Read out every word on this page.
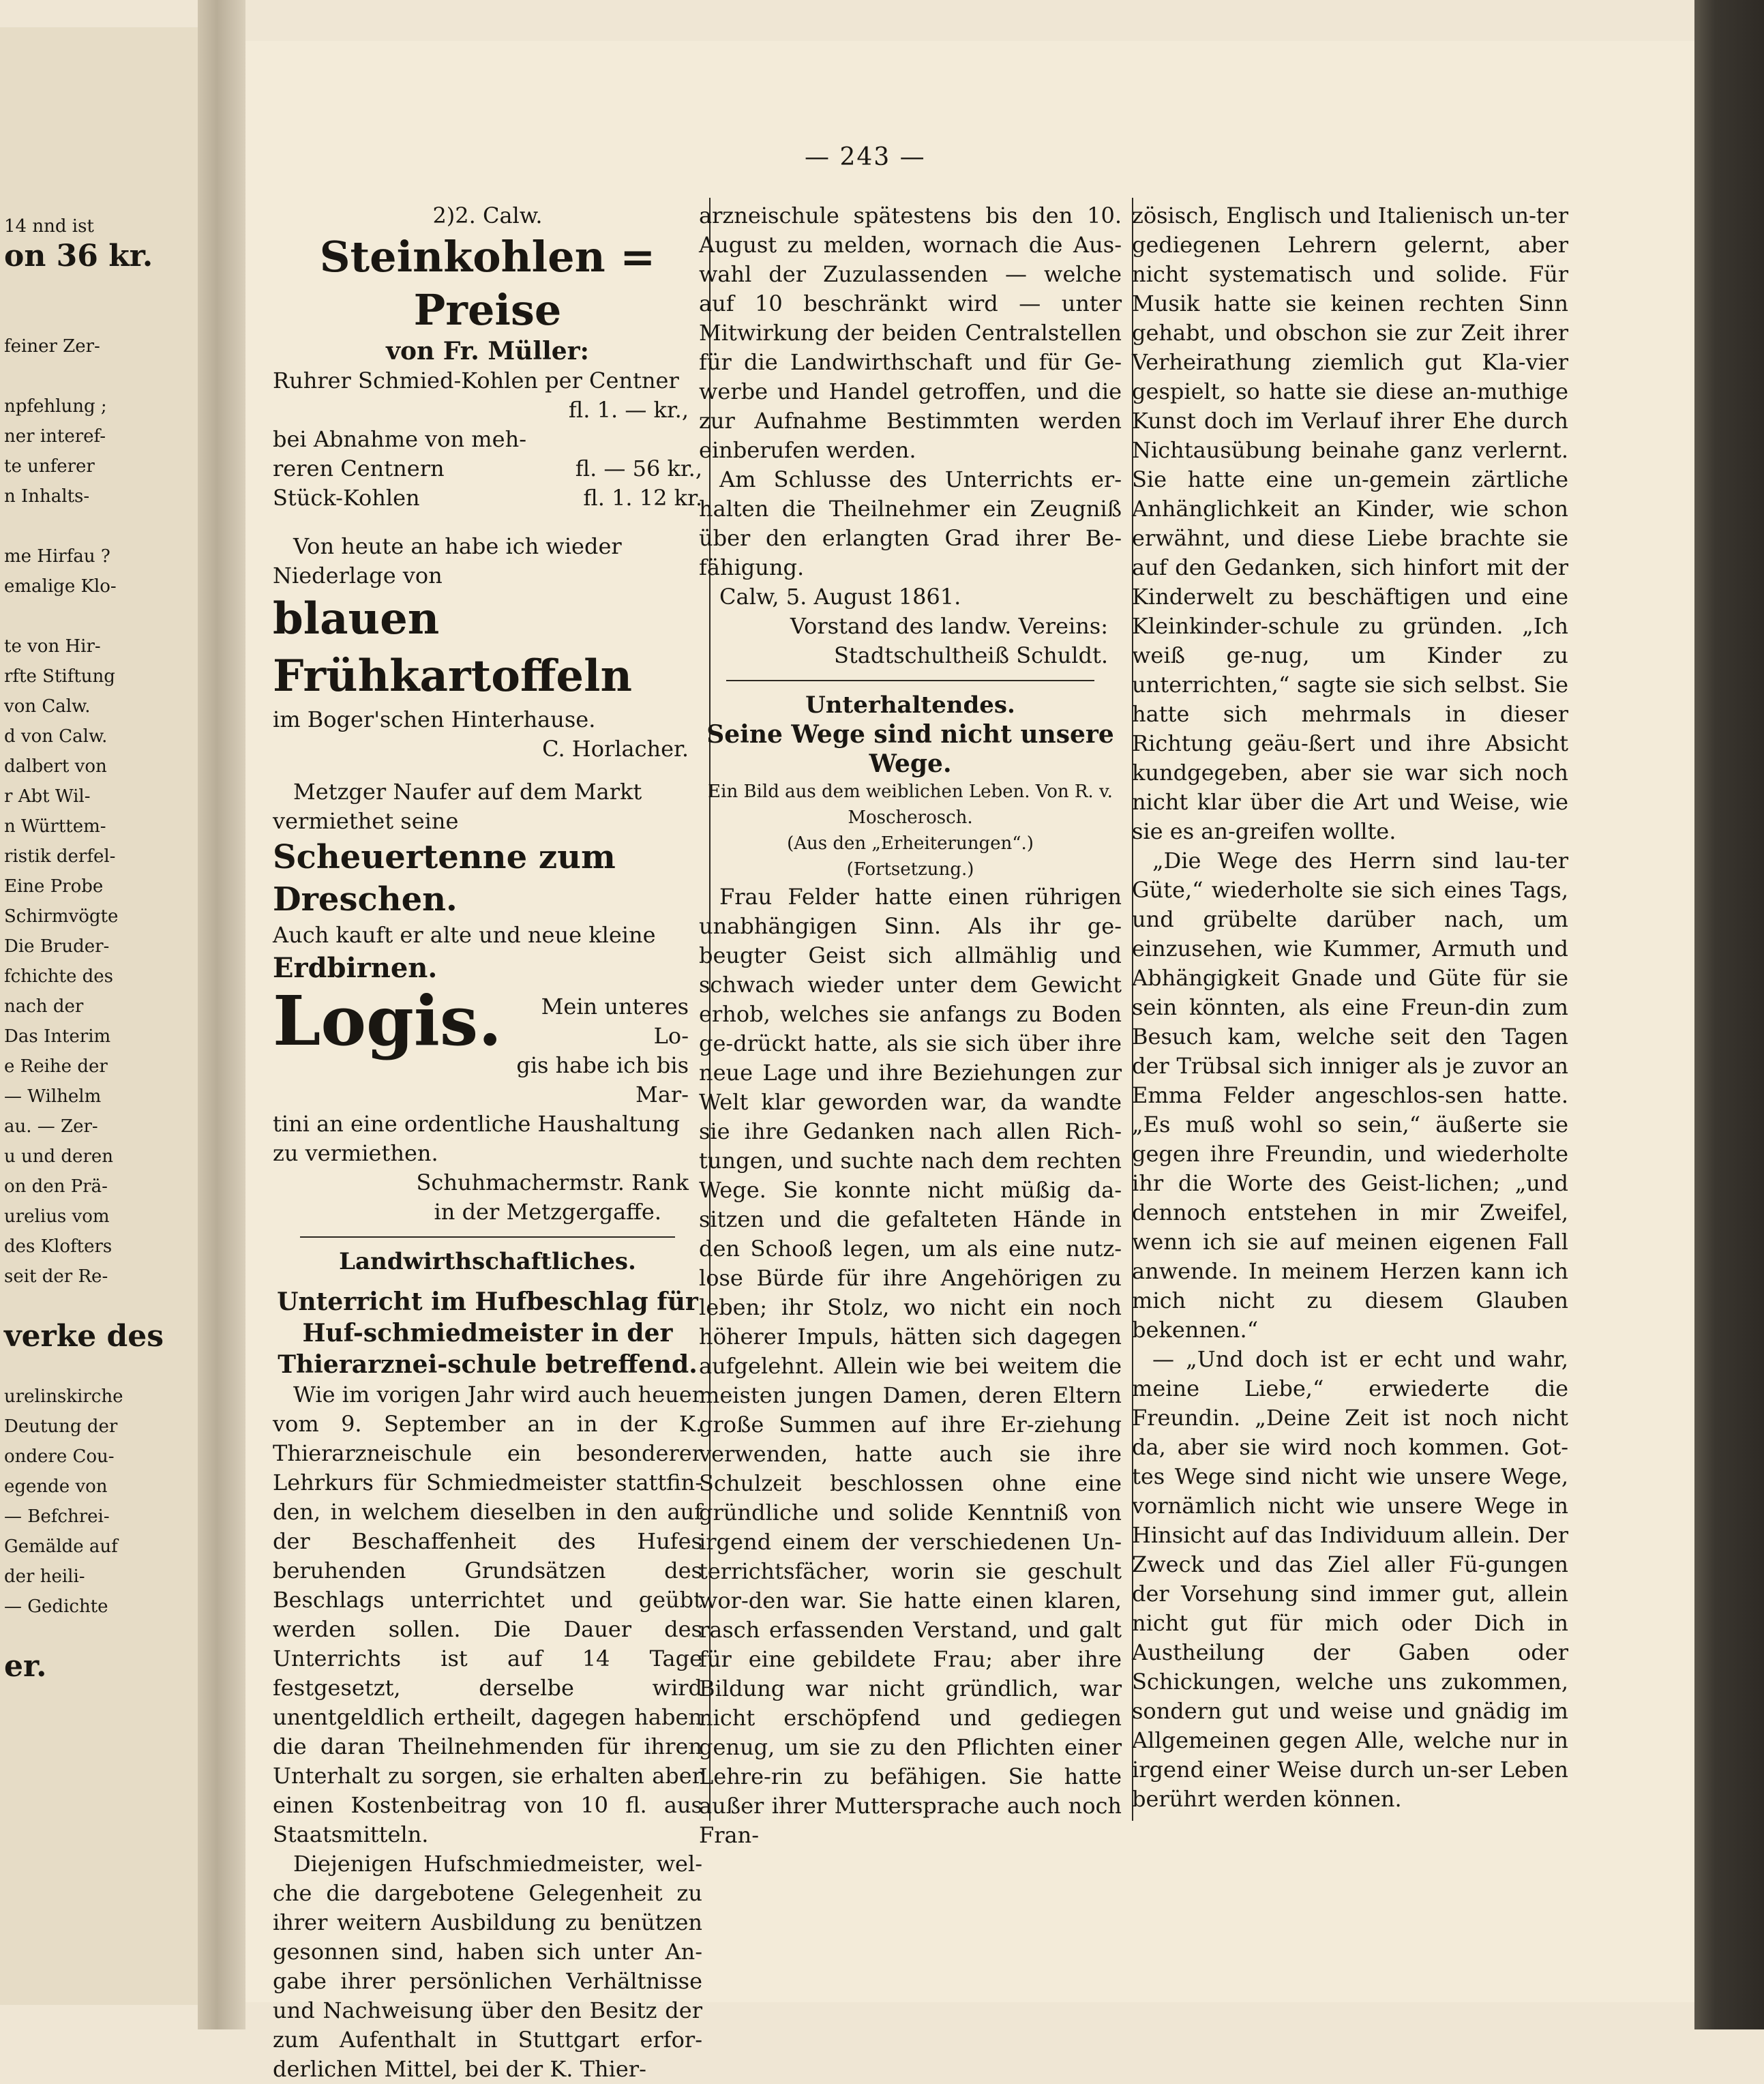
14 nnd ist
on 36 kr.

feiner Zer-

npfehlung ;
ner interef-
te unferer
n Inhalts-

me Hirfau ?
emalige Klo-

te von Hir-
rfte Stiftung
von Calw.
d von Calw.
dalbert von
r Abt Wil-
n Württem-
ristik derfel-
Eine Probe
Schirmvögte
Die Bruder-
fchichte des
nach der
Das Interim
e Reihe der
— Wilhelm
au. — Zer-
u und deren
on den Prä-
urelius vom
des Klofters
seit der Re-

verke des

urelinskirche
Deutung der
ondere Cou-
egende von
— Befchrei-
Gemälde auf
der heili-
— Gedichte

er.
— 243 —
2)2. Calw.
Steinkohlen = Preise
von Fr. Müller:
Ruhrer Schmied-Kohlen per Centner
fl. 1. — kr.,
bei Abnahme von meh-
reren Centnern	fl. — 56 kr.,
Stück-Kohlen	fl. 1. 12 kr.
Von heute an habe ich wieder
Niederlage von
blauen Frühkartoffeln
im Boger'schen Hinterhause.
C. Horlacher.
Metzger Naufer auf dem Markt
vermiethet seine
Scheuertenne zum Dreschen.
Auch kauft er alte und neue kleine
Erdbirnen.
Logis.	Mein unteres Lo-
gis habe ich bis Mar-
tini an eine ordentliche Haushaltung
zu vermiethen.
Schuhmachermstr. Rank
in der Metzgergaffe.
Landwirthschaftliches.
Unterricht im Hufbeschlag für Huf-schmiedmeister in der Thierarznei-schule betreffend.

Wie im vorigen Jahr wird auch heuer vom 9. September an in der K. Thierarzneischule ein besonderer Lehrkurs für Schmiedmeister stattfin-den, in welchem dieselben in den auf der Beschaffenheit des Hufes beruhenden Grundsätzen des Beschlags unterrichtet und geübt werden sollen. Die Dauer des Unterrichts ist auf 14 Tage festgesetzt, derselbe wird unentgeldlich ertheilt, dagegen haben die daran Theilnehmenden für ihren Unterhalt zu sorgen, sie erhalten aber einen Kostenbeitrag von 10 fl. aus Staatsmitteln.

Diejenigen Hufschmiedmeister, wel-che die dargebotene Gelegenheit zu ihrer weitern Ausbildung zu benützen gesonnen sind, haben sich unter An-gabe ihrer persönlichen Verhältnisse und Nachweisung über den Besitz der zum Aufenthalt in Stuttgart erfor-derlichen Mittel, bei der K. Thier-

arzneischule spätestens bis den 10. August zu melden, wornach die Aus-wahl der Zuzulassenden — welche auf 10 beschränkt wird — unter Mitwirkung der beiden Centralstellen für die Landwirthschaft und für Ge-werbe und Handel getroffen, und die zur Aufnahme Bestimmten werden einberufen werden.

Am Schlusse des Unterrichts er-halten die Theilnehmer ein Zeugniß über den erlangten Grad ihrer Be-fähigung.

Calw, 5. August 1861.
Vorstand des landw. Vereins:
Stadtschultheiß Schuldt.
Unterhaltendes.
Seine Wege sind nicht unsere Wege.
Ein Bild aus dem weiblichen Leben. Von R. v. Moscherosch.
(Aus den „Erheiterungen“.)
(Fortsetzung.)

Frau Felder hatte einen rührigen unabhängigen Sinn. Als ihr ge-beugter Geist sich allmählig und schwach wieder unter dem Gewicht erhob, welches sie anfangs zu Boden ge-drückt hatte, als sie sich über ihre neue Lage und ihre Beziehungen zur Welt klar geworden war, da wandte sie ihre Gedanken nach allen Rich-tungen, und suchte nach dem rechten Wege. Sie konnte nicht müßig da-sitzen und die gefalteten Hände in den Schooß legen, um als eine nutz-lose Bürde für ihre Angehörigen zu leben; ihr Stolz, wo nicht ein noch höherer Impuls, hätten sich dagegen aufgelehnt. Allein wie bei weitem die meisten jungen Damen, deren Eltern große Summen auf ihre Er-ziehung verwenden, hatte auch sie ihre Schulzeit beschlossen ohne eine gründliche und solide Kenntniß von irgend einem der verschiedenen Un-terrichtsfächer, worin sie geschult wor-den war. Sie hatte einen klaren, rasch erfassenden Verstand, und galt für eine gebildete Frau; aber ihre Bildung war nicht gründlich, war nicht erschöpfend und gediegen genug, um sie zu den Pflichten einer Lehre-rin zu befähigen. Sie hatte außer ihrer Muttersprache auch noch Fran-

zösisch, Englisch und Italienisch un-ter gediegenen Lehrern gelernt, aber nicht systematisch und solide. Für Musik hatte sie keinen rechten Sinn gehabt, und obschon sie zur Zeit ihrer Verheirathung ziemlich gut Kla-vier gespielt, so hatte sie diese an-muthige Kunst doch im Verlauf ihrer Ehe durch Nichtausübung beinahe ganz verlernt. Sie hatte eine un-gemein zärtliche Anhänglichkeit an Kinder, wie schon erwähnt, und diese Liebe brachte sie auf den Gedanken, sich hinfort mit der Kinderwelt zu beschäftigen und eine Kleinkinder-schule zu gründen. „Ich weiß ge-nug, um Kinder zu unterrichten,“ sagte sie sich selbst. Sie hatte sich mehrmals in dieser Richtung geäu-ßert und ihre Absicht kundgegeben, aber sie war sich noch nicht klar über die Art und Weise, wie sie es an-greifen wollte.

„Die Wege des Herrn sind lau-ter Güte,“ wiederholte sie sich eines Tags, und grübelte darüber nach, um einzusehen, wie Kummer, Armuth und Abhängigkeit Gnade und Güte für sie sein könnten, als eine Freun-din zum Besuch kam, welche seit den Tagen der Trübsal sich inniger als je zuvor an Emma Felder angeschlos-sen hatte. „Es muß wohl so sein,“ äußerte sie gegen ihre Freundin, und wiederholte ihr die Worte des Geist-lichen; „und dennoch entstehen in mir Zweifel, wenn ich sie auf meinen eigenen Fall anwende. In meinem Herzen kann ich mich nicht zu diesem Glauben bekennen.“

— „Und doch ist er echt und wahr, meine Liebe,“ erwiederte die Freundin. „Deine Zeit ist noch nicht da, aber sie wird noch kommen. Got-tes Wege sind nicht wie unsere Wege, vornämlich nicht wie unsere Wege in Hinsicht auf das Individuum allein. Der Zweck und das Ziel aller Fü-gungen der Vorsehung sind immer gut, allein nicht gut für mich oder Dich in Austheilung der Gaben oder Schickungen, welche uns zukommen, sondern gut und weise und gnädig im Allgemeinen gegen Alle, welche nur in irgend einer Weise durch un-ser Leben berührt werden können.
